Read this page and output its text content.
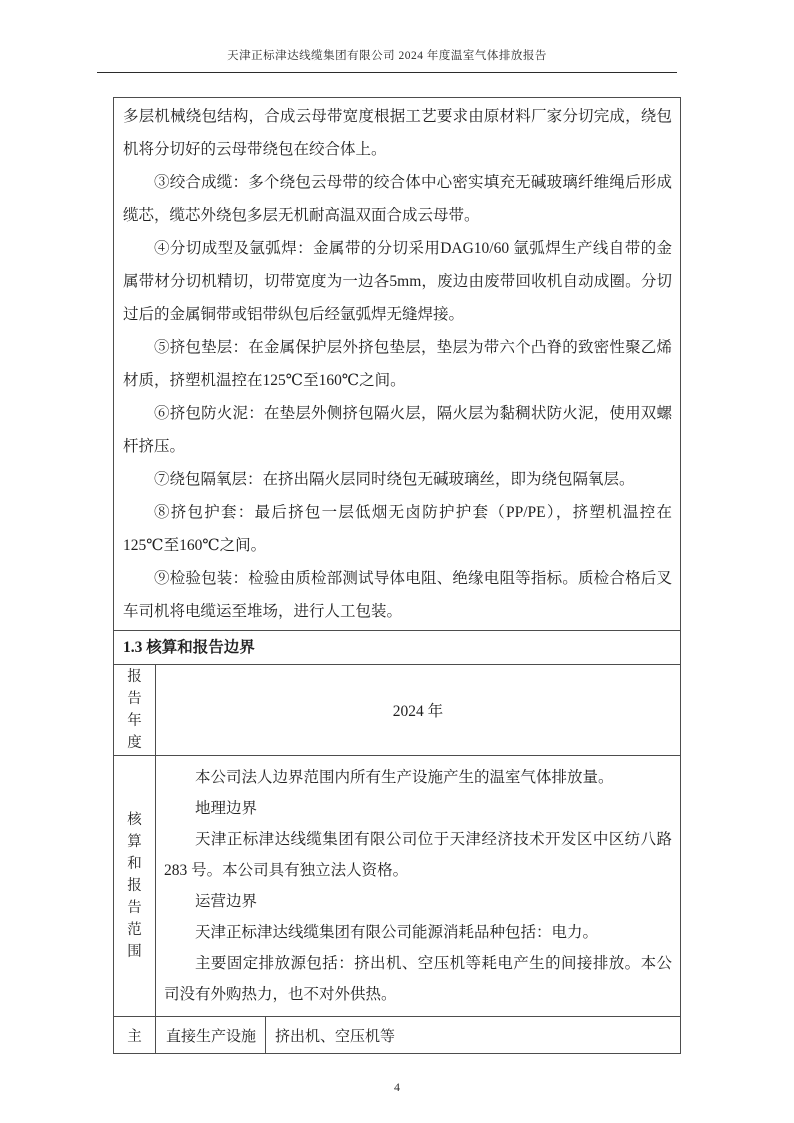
天津正标津达线缆集团有限公司 2024 年度温室气体排放报告

多层机械绕包结构，合成云母带宽度根据工艺要求由原材料厂家分切完成，绕包机将分切好的云母带绕包在绞合体上。

③绞合成缆：多个绕包云母带的绞合体中心密实填充无碱玻璃纤维绳后形成缆芯，缆芯外绕包多层无机耐高温双面合成云母带。

④分切成型及氩弧焊：金属带的分切采用DAG10/60 氩弧焊生产线自带的金属带材分切机精切，切带宽度为一边各5mm，废边由废带回收机自动成圈。分切过后的金属铜带或铝带纵包后经氩弧焊无缝焊接。

⑤挤包垫层：在金属保护层外挤包垫层，垫层为带六个凸脊的致密性聚乙烯材质，挤塑机温控在125℃至160℃之间。

⑥挤包防火泥：在垫层外侧挤包隔火层，隔火层为黏稠状防火泥，使用双螺杆挤压。

⑦绕包隔氧层：在挤出隔火层同时绕包无碱玻璃丝，即为绕包隔氧层。

⑧挤包护套：最后挤包一层低烟无卤防护护套（PP/PE），挤塑机温控在125℃至160℃之间。

⑨检验包装：检验由质检部测试导体电阻、绝缘电阻等指标。质检合格后叉车司机将电缆运至堆场，进行人工包装。

1.3 核算和报告边界
报告年度
2024 年
核算和报告范围

本公司法人边界范围内所有生产设施产生的温室气体排放量。

地理边界

天津正标津达线缆集团有限公司位于天津经济技术开发区中区纺八路 283 号。本公司具有独立法人资格。

运营边界

天津正标津达线缆集团有限公司能源消耗品种包括：电力。

主要固定排放源包括：挤出机、空压机等耗电产生的间接排放。本公司没有外购热力，也不对外供热。

主	直接生产设施	挤出机、空压机等
4
